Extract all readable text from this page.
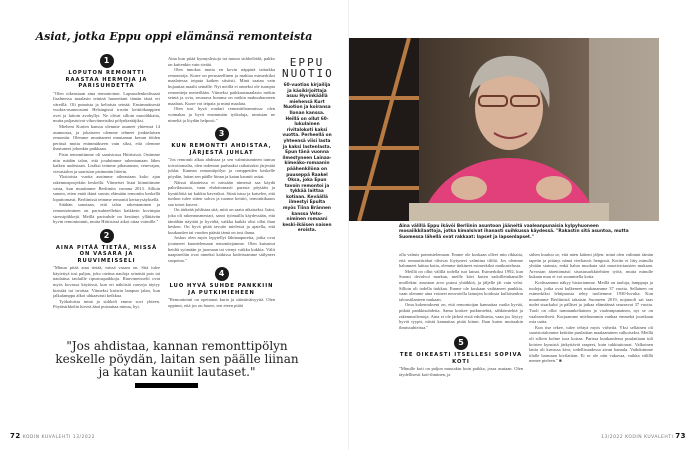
Asiat, jotka Eppu oppi elämänsä remonteista
1
LOPUTON REMONTTI RAASTAA HERMOJA JA PARISUHDETTA

"Olen oikeastaan aina remontoinut. Lapsuudenkodissani Iisalmessa maalasin teininä huonettani tämän tästä eri väreillä. Oli punaista ja keltaista seinää. Ensimmäisestä vuokra-asunnostani Helsingissä irrotin keittiökaappien ovet ja laitoin avohyllyt. Ne olivat silloin muodikkaita, mutta paljastuivat vihoviimeisiksi pölynkerääjiksi.

Mieheni Kurten kanssa olemme asuneet yhteensä 14 asunnossa, ja jokaiseen olemme tehneet jonkinlaisen remontin. Olemme muuttaneet muutaman kerran töiden perässä mutta enimmäkseen vain siksi, että olemme ihastuneet johonkin paikkaan.

Pisin remonttimme oli saaristossa Hiittisissä. Ostimme niin mädän talon, että jouduimme rakentamaan lähes kaiken uudestaan. Lisäksi teimme pihasaunan, venevajan, vierastalon ja saariston pisimmän liiterin.

Yksitoista vuotta asuimme oikeastaan koko ajan rakennusprojektin keskellä. Viimeiset listat kiinnitimme vasta, kun muutimme Berliiniin vuonna 2013. Silloin sanoin, etten enää ikinä suostu elämään remontin keskellä loputtomasti. Berliinissä teimme remontit kertarysäyksellä.

Sitähän sanotaan, että talon rakentaminen ja remontoiminen on parisuhteellekin kaikkein kovimpia stressipiikkejä. Meillä parisuhde on kestänyt yllättävän hyvin remontoinnit, mutta Hiittisissä aikoi ottaa voimille."

2
AINA PITÄÄ TIETÄÄ, MISSÄ ON VASARA JA RUUVIMEISSELI

"Minun pitää aina tietää, missä vasara on. Sitä tulee käytettyä tosi paljon, joko otettua nauloja seinästä pois tai naulattua tauluille ripustuspaikkoja. Ruuvimeisselit ovat myös kovassa käytössä, kun eri näköisiä ruuveja täytyy kiristää tai irrottaa. Viimeksi kiristin lampun jalan, kun jalkalamppu alkoi uhkaavasti keikkua.

Työkaluista minä ja sirkkeli emme sovi yhteen. Pöytäsirkkelin hirveä ääni puistattaa minua, hyi.

Aina kun pitää kynnyslistoja tai muuta sirkkelöidä, pakko on kuitenkin vain sietää.

Olen innokas mutta en kovin näppärä taitarkka remontoija. Kurre on perusteellinen ja malttaa esimerkiksi maalatessa teipata kaiken siististi. Minä saatan vain hujauttaa maalit seinälle. Nyt meillä ei onneksi ole isompia remontteja meneillään. Viimeksi paikkausmaalasin mökin seiniä ja ovia, seuraava homma on mökin makuuhuoneen maalaus. Kurre voi teipata ja minä maalata.

Olen tosi hyvä roudari remonttihommissa: olen voimakas ja hyvä ensimmäin työkaluja, nimistan ne nimeltä ja löydän helposti."

3
KUN REMONTTI AHDISTAA, JÄRJESTÄ JUHLAT

"Jos remontti alkaa ahdistaa ja sen valmistuminen tuntuu toivottomalta, olen todennut parhaaksi ratkaisuksi järjestää juhlat. Kannan remonttipölyn ja romppeiden keskelle pöydän, laitan sen päälle liinan ja katan kauniit astiat.

Näissä tilanteissa ei missään nimessä saa käydä pahvilautasia, vaan ehdottomasti parasta pöytään ja kynttilöitä tai kukkia kaverikoi. Siinä istuu ja katselee, että tuohon tulee sitten sohva ja tuonne keittiö, remonttikaaos saa toiset kasvot.

On tärkeää juhlistaa sitä, mitä on saatu aikaiseksi. Isäni, joka oli rakennusmestari, sanoi työmailla käydessään, että tämähän näyttää jo hyvältä, vaikka kaikki olisi ollut ihan kesken. On hyvä pitää tavoite mielessä ja ajatella, että kuukauden tai vuoden päästä tämä on tosi ihana.

Joskus olen myös lepytellyt lähinaapureita, jotka ovat joutuneet kuuntelemaan remonttejamme. Olen kutsunut heidät syömään ja juomaan tai vienyt vaikka kukkia. Välit naapureihin ovat onneksi kaikissa kodeissamme säilyneet saopeina."

4
LUO HYVÄ SUHDE PANKKIIN JA PUTKIMIEHEEN

"Remontointi on opettanut kuria ja säästäväisyyttä. Olen oppinut, että jos on haave, sen eteen pitää

EPPU NUOTIO
60-vuotias kirjailija ja käsikirjoittaja asuu Hyvinkäällä miehensä Kurt Nuotion ja koiransa Ilonan kanssa. Heillä on ollut 60-lukulainen rivitalokoti kaksi vuotta. Perheellä on yhteensä viisi lasta ja kaksi lastenlasta. Epun tänä vuonna ilmestyneen Lainaa-kimeäko-romaanin päähenkilöna on puuseppä Raakel Oksa, joka Epun tavoin remontoi ja tykkää laittaa kotiaan. Keväällä ilmestyi Epulta myös Tiina Brännen kanssa Veto-niminen romaani keski-ikäisen naisen eroista.
"Jos ahdistaa, kannan remonttipölyn keskelle pöydän, laitan sen päälle liinan ja katan kauniit lautaset."
72 KODIN KUVALEHTI 13/2022
Aina välillä Eppu ikävöi Berliinin asuntoon jääneitä vaaleanpunaisia kylpyhuoneen mosaiikkilaattoja, jotka kimalsivat ihanasti suihkussa käydessä. "Rakastin sitä asuntoa, mutta Suomessa lähellä ovat rakkaat: lapset ja lapsenlapset."

olla valmis ponnistelemaan. Emme ole koskaan olleet niin rikkaita, että remonttirahat olisivat löytyneet valmiina tililtä. Jos olemme halunneet laittaa kotia, olemme tinkineet esimerkiksi matkustelusta.

Meillä on ollut välillä todella isot lainat. Esimerkiksi 1992, kun Suomi devalvoi markan, meille kävi kuten sadoilletuhansille muillekin: asunnon arvo putosi yhtäkkiä, ja jäljelle jäi vain velat. Silloin oli todella tiukkaa. Emme ole koskaan vaihtaneet pankkia, vaan olemme aina voineet neuvotella lainojen hoidosta kulloisenkin taloustilanteen mukaan.

Oma kokemukseni on, että remontoijan kannattaa vaalia hyvää, pitkää pankkisuhdetta. Sama koskee putkimiehiä, sähkömiehiä ja rakennusfirmoja. Aina ei ole järkeä etsiä edullisinta, vaan jos löytyy hyvät tyypit, niistä kannattaa pitää kiinni. Ihan kuten muissakin ihmissuhteissa."

5
TEE OIKEASTI ITSELLESI SOPIVA KOTI

"Minulle koti on paljon muutakin kuin paikka, jossa asutaan. Olen täydellisesti koti-ihminen, ja

siihen kuuluu se, että näen kätteni jäljen: minä olen valinnut tämän tapetin ja pitänyt nämä vierkasvit hengissä. Kotiin ei liity minulla yhtään statusta, enkä halua muokata sitä muotivirtausten mukaan. Arvostan äärettömästi sisustusarkkitehtien työtä, mutta minulle kukaan muu ei voi suunnitella kotia.

Kodissamme näkyy historiamme. Meillä on tauluja, lamppuja ja tuoleja, jotka ovat kulkeneet mukanamme 37 vuotta. Sellainen on esimerkiksi lehtipuusta tehty tuoliemme 1930-luvulta. Kun muutimme Berliinistä takaisin Suomeen 2019, nojatuoli sai taas uudet sisarkalut ja pälliset ja jatkaa elämäänsä seuraavat 37 vuotta. Tuoli on ollut tummankeltainen ja vaaleanpunainen, nyt se on vaaleanvihreä. Korjaamme mieluummin vanhaa emmekä juurikaan osta uutta.

Kun itse tekee, tulee tehtyä myös virheitä. Yksi sellainen oli saaristotalomme keittiön puulattian maalaaminen valkoiseksi. Meillä oli silloin kolme isoa koiraa. Parissa kuukaudessa puulattiaan tuli koirien kynsistä järkyttävät raapeet, kuin tukkiuitourat. Valkoinen lattia oli kuvassa kiva, todellisuudessa aivan kamala. Vaihdoimme tilalle harmaan kivilattian. Ei se ole niin vakavaa, vaikka välillä menee pieleen." ■

13/2022 KODIN KUVALEHTI 73
